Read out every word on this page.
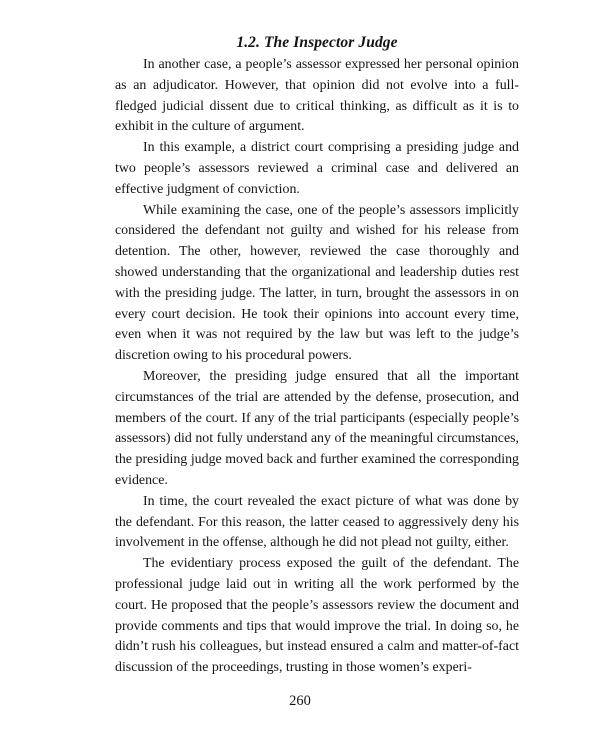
1.2. The Inspector Judge

In another case, a people’s assessor expressed her personal opinion as an adjudicator. However, that opinion did not evolve into a full-fledged judicial dissent due to critical thinking, as difficult as it is to exhibit in the culture of argument.

In this example, a district court comprising a presiding judge and two people’s assessors reviewed a criminal case and delivered an effective judgment of conviction.

While examining the case, one of the people’s assessors implicitly considered the defendant not guilty and wished for his release from detention. The other, however, reviewed the case thoroughly and showed understanding that the organizational and leadership duties rest with the presiding judge. The latter, in turn, brought the assessors in on every court decision. He took their opinions into account every time, even when it was not required by the law but was left to the judge’s discretion owing to his procedural powers.

Moreover, the presiding judge ensured that all the important circumstances of the trial are attended by the defense, prosecution, and members of the court. If any of the trial participants (especially people’s assessors) did not fully understand any of the meaningful circumstances, the presiding judge moved back and further examined the corresponding evidence.

In time, the court revealed the exact picture of what was done by the defendant. For this reason, the latter ceased to aggressively deny his involvement in the offense, although he did not plead not guilty, either.

The evidentiary process exposed the guilt of the defendant. The professional judge laid out in writing all the work performed by the court. He proposed that the people’s assessors review the document and provide comments and tips that would improve the trial. In doing so, he didn’t rush his colleagues, but instead ensured a calm and matter-of-fact discussion of the proceedings, trusting in those women’s experi-

260
